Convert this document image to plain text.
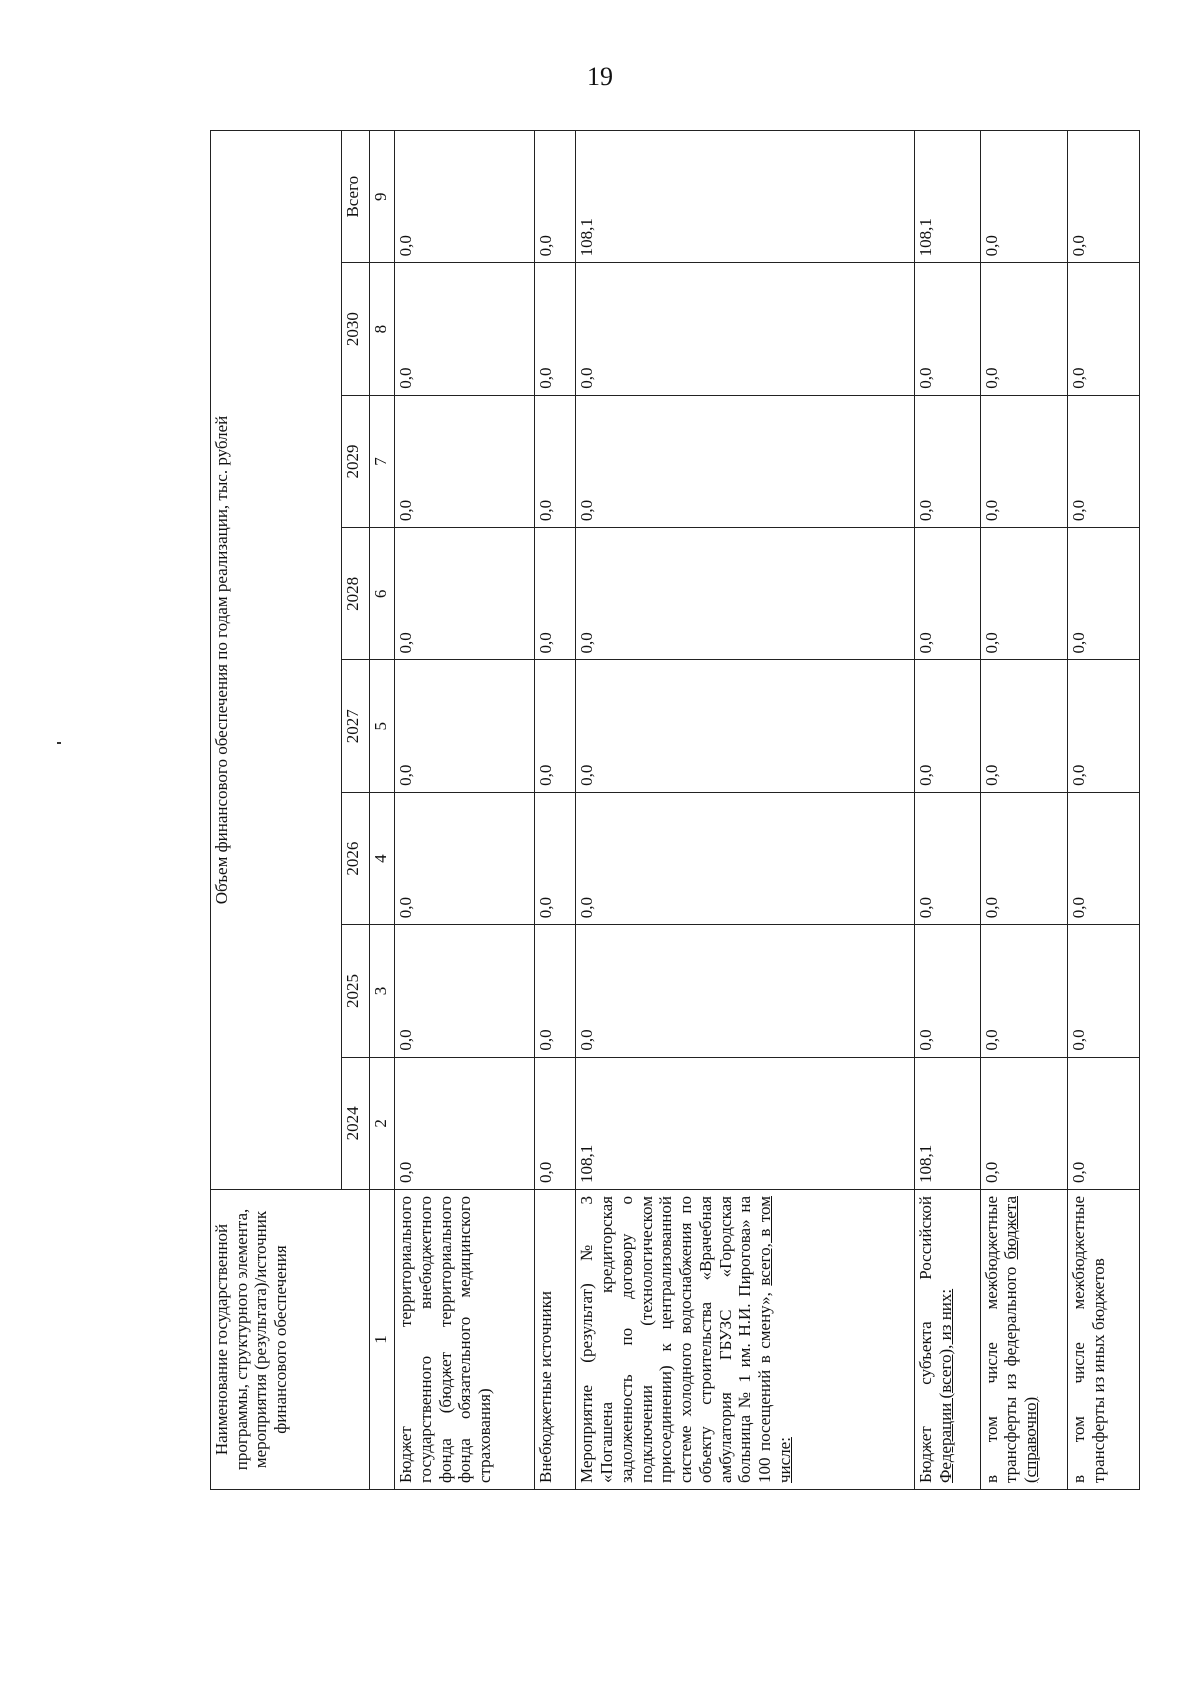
19
Наименование государственной программы, структурного элемента, мероприятия (результата)/источник финансового обеспечения	Объем финансового обеспечения по годам реализации, тыс. рублей							
	2024	2025	2026	2027	2028	2029	2030	Всего
1	2	3	4	5	6	7	8	9
Бюджет территориального государственного внебюджетного фонда (бюджет территориального фонда обязательного медицинского страхования)	0,0	0,0	0,0	0,0	0,0	0,0	0,0	0,0
Внебюджетные источники	0,0	0,0	0,0	0,0	0,0	0,0	0,0	0,0
Мероприятие (результат) № 3 «Погашена кредиторская задолженность по договору о подключении (технологическом присоединении) к централизованной системе холодного водоснабжения по объекту строительства «Врачебная амбулатория ГБУЗС «Городская больница № 1 им. Н.И. Пирогова» на 100 посещений в смену», всего, в том числе:	108,1	0,0	0,0	0,0	0,0	0,0	0,0	108,1
Бюджет субъекта Российской Федерации (всего), из них:	108,1	0,0	0,0	0,0	0,0	0,0	0,0	108,1
в том числе межбюджетные трансферты из федерального бюджета (справочно)	0,0	0,0	0,0	0,0	0,0	0,0	0,0	0,0
в том числе межбюджетные трансферты из иных бюджетов	0,0	0,0	0,0	0,0	0,0	0,0	0,0	0,0
